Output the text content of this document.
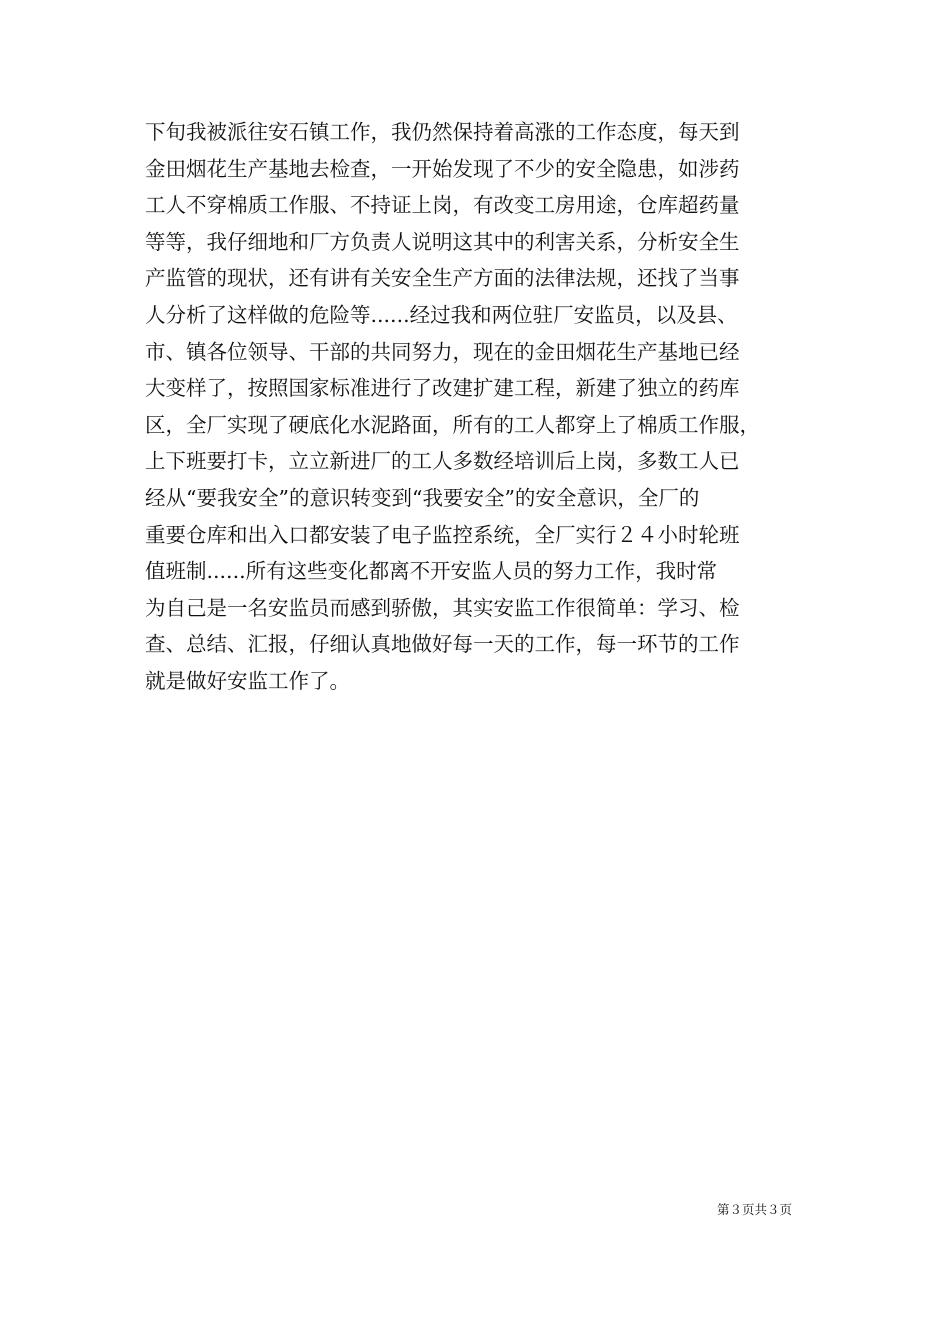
下旬我被派往安石镇工作，我仍然保持着高涨的工作态度，每天到
金田烟花生产基地去检查，一开始发现了不少的安全隐患，如涉药
工人不穿棉质工作服、不持证上岗，有改变工房用途，仓库超药量
等等，我仔细地和厂方负责人说明这其中的利害关系，分析安全生
产监管的现状，还有讲有关安全生产方面的法律法规，还找了当事
人分析了这样做的危险等......经过我和两位驻厂安监员，以及县、
市、镇各位领导、干部的共同努力，现在的金田烟花生产基地已经
大变样了，按照国家标准进行了改建扩建工程，新建了独立的药库
区，全厂实现了硬底化水泥路面，所有的工人都穿上了棉质工作服，
上下班要打卡，立立新进厂的工人多数经培训后上岗，多数工人已
经从“要我安全”的意识转变到“我要安全”的安全意识，全厂的
重要仓库和出入口都安装了电子监控系统，全厂实行２４小时轮班
值班制......所有这些变化都离不开安监人员的努力工作，我时常
为自己是一名安监员而感到骄傲，其实安监工作很简单：学习、检
查、总结、汇报，仔细认真地做好每一天的工作，每一环节的工作
就是做好安监工作了。
第３页共３页
